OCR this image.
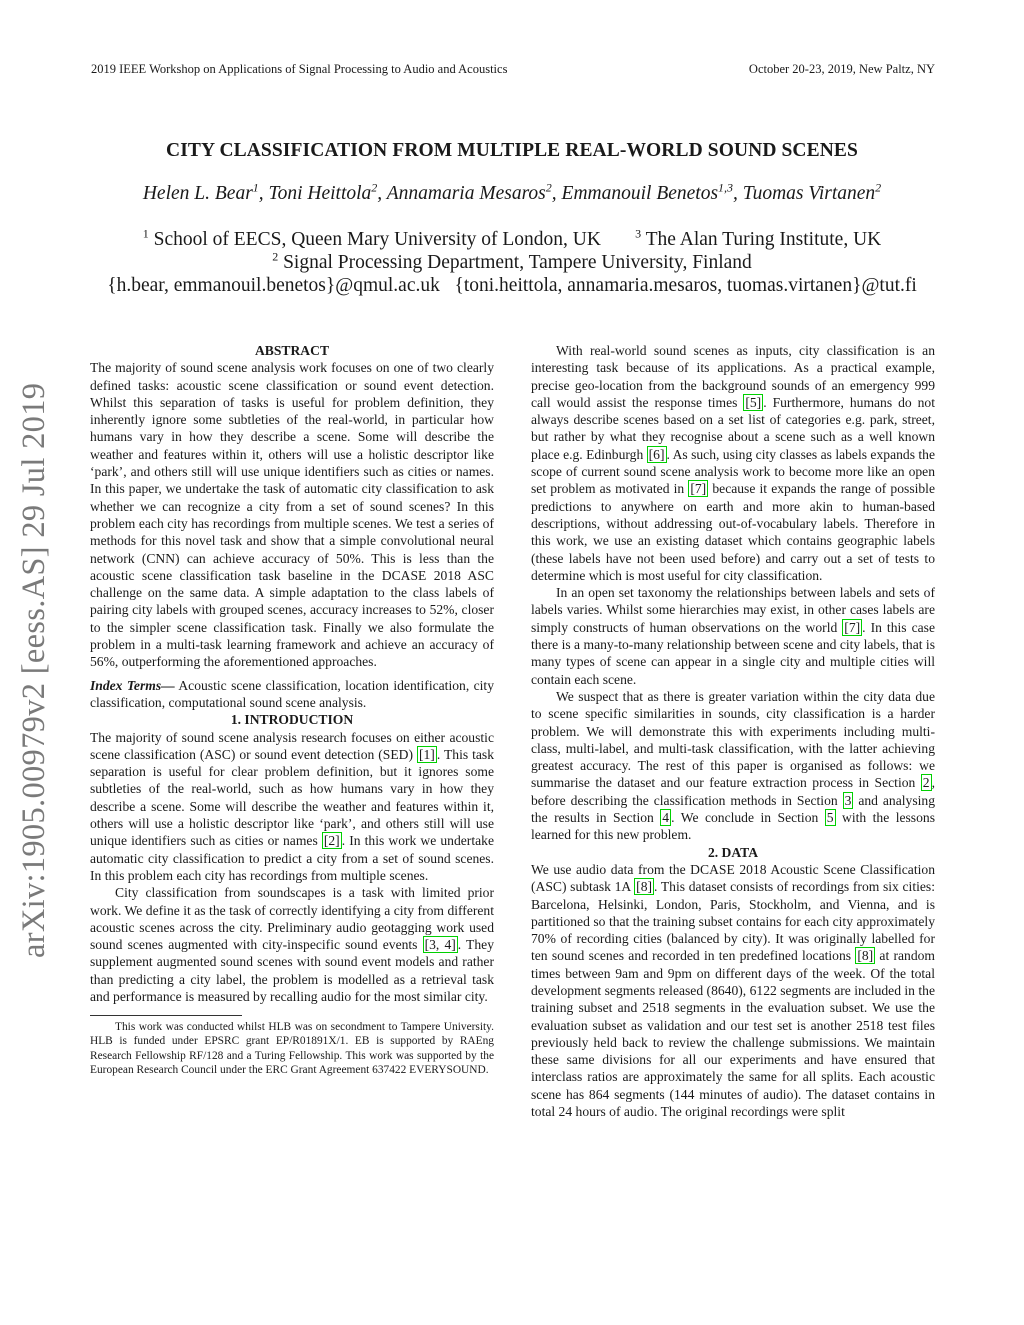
2019 IEEE Workshop on Applications of Signal Processing to Audio and Acoustics	October 20-23, 2019, New Paltz, NY
arXiv:1905.00979v2 [eess.AS] 29 Jul 2019
CITY CLASSIFICATION FROM MULTIPLE REAL-WORLD SOUND SCENES
Helen L. Bear$^1$, Toni Heittola$^2$, Annamaria Mesaros$^2$, Emmanouil Benetos$^{1,3}$, Tuomas Virtanen$^2$
$^1$ School of EECS, Queen Mary University of London, UK	$^3$ The Alan Turing Institute, UK
$^2$ Signal Processing Department, Tampere University, Finland
{h.bear, emmanouil.benetos}@qmul.ac.uk   {toni.heittola, annamaria.mesaros, tuomas.virtanen}@tut.fi

ABSTRACT

The majority of sound scene analysis work focuses on one of two clearly defined tasks: acoustic scene classification or sound event detection. Whilst this separation of tasks is useful for problem definition, they inherently ignore some subtleties of the real-world, in particular how humans vary in how they describe a scene. Some will describe the weather and features within it, others will use a holistic descriptor like ‘park’, and others still will use unique identifiers such as cities or names. In this paper, we undertake the task of automatic city classification to ask whether we can recognize a city from a set of sound scenes? In this problem each city has recordings from multiple scenes. We test a series of methods for this novel task and show that a simple convolutional neural network (CNN) can achieve accuracy of 50%. This is less than the acoustic scene classification task baseline in the DCASE 2018 ASC challenge on the same data. A simple adaptation to the class labels of pairing city labels with grouped scenes, accuracy increases to 52%, closer to the simpler scene classification task. Finally we also formulate the problem in a multi-task learning framework and achieve an accuracy of 56%, outperforming the aforementioned approaches.

Index Terms— Acoustic scene classification, location identification, city classification, computational sound scene analysis.

1. INTRODUCTION

The majority of sound scene analysis research focuses on either acoustic scene classification (ASC) or sound event detection (SED) [1] . This task separation is useful for clear problem definition, but it ignores some subtleties of the real-world, such as how humans vary in how they describe a scene. Some will describe the weather and features within it, others will use a holistic descriptor like ‘park’, and others still will use unique identifiers such as cities or names [2] . In this work we undertake automatic city classification to predict a city from a set of sound scenes. In this problem each city has recordings from multiple scenes.

City classification from soundscapes is a task with limited prior work. We define it as the task of correctly identifying a city from different acoustic scenes across the city. Preliminary audio geotagging work used sound scenes augmented with city-inspecific sound events [3, 4] . They supplement augmented sound scenes with sound event models and rather than predicting a city label, the problem is modelled as a retrieval task and performance is measured by recalling audio for the most similar city.

This work was conducted whilst HLB was on secondment to Tampere University. HLB is funded under EPSRC grant EP/R01891X/1. EB is supported by RAEng Research Fellowship RF/128 and a Turing Fellowship. This work was supported by the European Research Council under the ERC Grant Agreement 637422 EVERYSOUND.

With real-world sound scenes as inputs, city classification is an interesting task because of its applications. As a practical example, precise geo-location from the background sounds of an emergency 999 call would assist the response times [5] . Furthermore, humans do not always describe scenes based on a set list of categories e.g. park, street, but rather by what they recognise about a scene such as a well known place e.g. Edinburgh [6] . As such, using city classes as labels expands the scope of current sound scene analysis work to become more like an open set problem as motivated in [7] because it expands the range of possible predictions to anywhere on earth and more akin to human-based descriptions, without addressing out-of-vocabulary labels. Therefore in this work, we use an existing dataset which contains geographic labels (these labels have not been used before) and carry out a set of tests to determine which is most useful for city classification.

In an open set taxonomy the relationships between labels and sets of labels varies. Whilst some hierarchies may exist, in other cases labels are simply constructs of human observations on the world [7] . In this case there is a many-to-many relationship between scene and city labels, that is many types of scene can appear in a single city and multiple cities will contain each scene.

We suspect that as there is greater variation within the city data due to scene specific similarities in sounds, city classification is a harder problem. We will demonstrate this with experiments including multi-class, multi-label, and multi-task classification, with the latter achieving greatest accuracy. The rest of this paper is organised as follows: we summarise the dataset and our feature extraction process in Section 2 , before describing the classification methods in Section 3 and analysing the results in Section 4 . We conclude in Section 5 with the lessons learned for this new problem.

2. DATA

We use audio data from the DCASE 2018 Acoustic Scene Classification (ASC) subtask 1A [8] . This dataset consists of recordings from six cities: Barcelona, Helsinki, London, Paris, Stockholm, and Vienna, and is partitioned so that the training subset contains for each city approximately 70% of recording cities (balanced by city). It was originally labelled for ten sound scenes and recorded in ten predefined locations [8] at random times between 9am and 9pm on different days of the week. Of the total development segments released (8640), 6122 segments are included in the training subset and 2518 segments in the evaluation subset. We use the evaluation subset as validation and our test set is another 2518 test files previously held back to review the challenge submissions. We maintain these same divisions for all our experiments and have ensured that interclass ratios are approximately the same for all splits. Each acoustic scene has 864 segments (144 minutes of audio). The dataset contains in total 24 hours of audio. The original recordings were split
